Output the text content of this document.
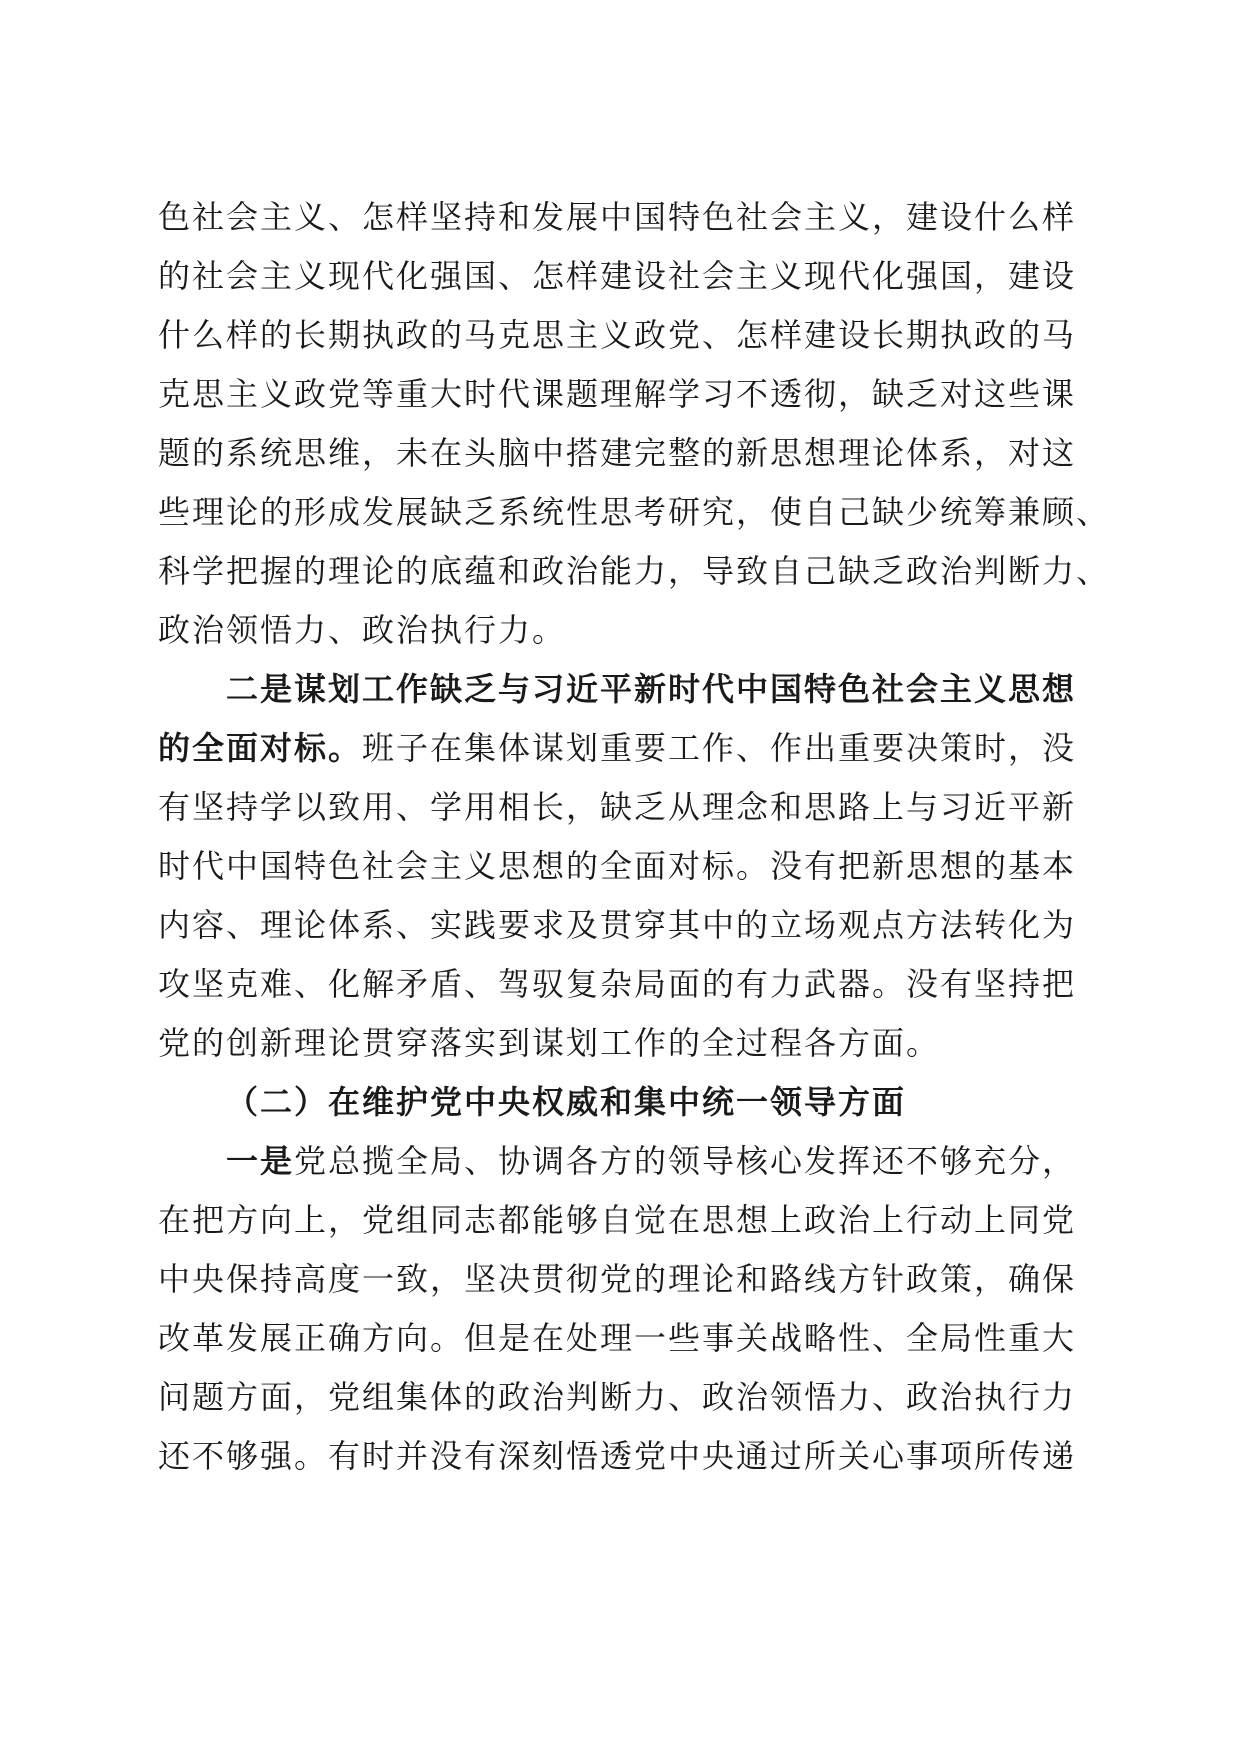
色社会主义、怎样坚持和发展中国特色社会主义，建设什么样
的社会主义现代化强国、怎样建设社会主义现代化强国，建设
什么样的长期执政的马克思主义政党、怎样建设长期执政的马
克思主义政党等重大时代课题理解学习不透彻，缺乏对这些课
题的系统思维，未在头脑中搭建完整的新思想理论体系，对这
些理论的形成发展缺乏系统性思考研究，使自己缺少统筹兼顾、
科学把握的理论的底蕴和政治能力，导致自己缺乏政治判断力、
政治领悟力、政治执行力。
二是谋划工作缺乏与习近平新时代中国特色社会主义思想
的全面对标。班子在集体谋划重要工作、作出重要决策时，没
有坚持学以致用、学用相长，缺乏从理念和思路上与习近平新
时代中国特色社会主义思想的全面对标。没有把新思想的基本
内容、理论体系、实践要求及贯穿其中的立场观点方法转化为
攻坚克难、化解矛盾、驾驭复杂局面的有力武器。没有坚持把
党的创新理论贯穿落实到谋划工作的全过程各方面。
（二）在维护党中央权威和集中统一领导方面
一是党总揽全局、协调各方的领导核心发挥还不够充分，
在把方向上，党组同志都能够自觉在思想上政治上行动上同党
中央保持高度一致，坚决贯彻党的理论和路线方针政策，确保
改革发展正确方向。但是在处理一些事关战略性、全局性重大
问题方面，党组集体的政治判断力、政治领悟力、政治执行力
还不够强。有时并没有深刻悟透党中央通过所关心事项所传递
